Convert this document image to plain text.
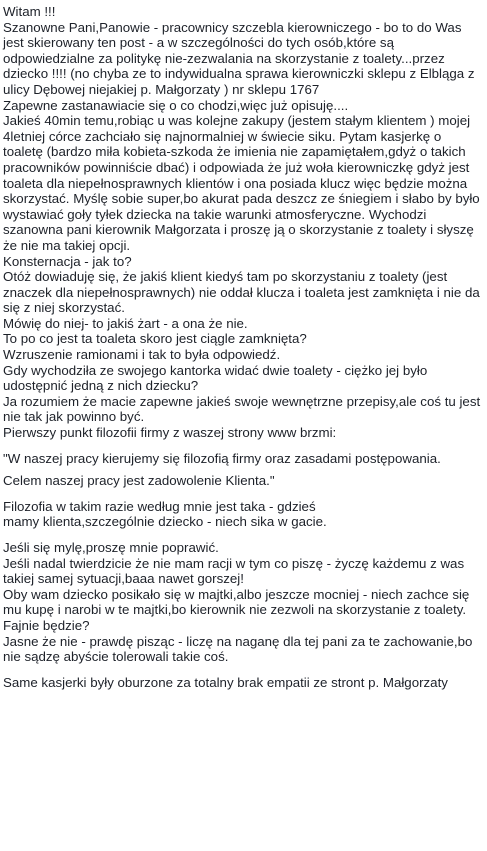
Witam !!!

Szanowne Pani,Panowie - pracownicy szczebla kierowniczego - bo to do Was jest skierowany ten post - a w szczególności do tych osób,które są odpowiedzialne za politykę nie-zezwalania na skorzystanie z toalety...przez dziecko !!!! (no chyba ze to indywidualna sprawa kierowniczki sklepu z Elbląga z ulicy Dębowej niejakiej p. Małgorzaty ) nr sklepu 1767

Zapewne zastanawiacie się o co chodzi,więc już opisuję....

Jakieś 40min temu,robiąc u was kolejne zakupy (jestem stałym klientem ) mojej 4letniej córce zachciało się najnormalniej w świecie siku. Pytam kasjerkę o toaletę (bardzo miła kobieta-szkoda że imienia nie zapamiętałem,gdyż o takich pracowników powinniście dbać) i odpowiada że już woła kierowniczkę gdyż jest toaleta dla niepełnosprawnych klientów i ona posiada klucz więc będzie można skorzystać. Myślę sobie super,bo akurat pada deszcz ze śniegiem i słabo by było wystawiać goły tyłek dziecka na takie warunki atmosferyczne. Wychodzi szanowna pani kierownik Małgorzata i proszę ją o skorzystanie z toalety i słyszę że nie ma takiej opcji.

Konsternacja - jak to?

Otóż dowiaduję się, że jakiś klient kiedyś tam po skorzystaniu z toalety (jest znaczek dla niepełnosprawnych) nie oddał klucza i toaleta jest zamknięta i nie da się z niej skorzystać.

Mówię do niej- to jakiś żart - a ona że nie.

To po co jest ta toaleta skoro jest ciągle zamknięta?

Wzruszenie ramionami i tak to była odpowiedź.

Gdy wychodziła ze swojego kantorka widać dwie toalety - ciężko jej było udostępnić jedną z nich dziecku?

Ja rozumiem że macie zapewne jakieś swoje wewnętrzne przepisy,ale coś tu jest nie tak jak powinno być.

Pierwszy punkt filozofii firmy z waszej strony www brzmi:

"W naszej pracy kierujemy się filozofią firmy oraz zasadami postępowania.

Celem naszej pracy jest zadowolenie Klienta."

Filozofia w takim razie według mnie jest taka - gdzieś

mamy klienta,szczególnie dziecko - niech sika w gacie.

Jeśli się mylę,proszę mnie poprawić.

Jeśli nadal twierdzicie że nie mam racji w tym co piszę - życzę każdemu z was takiej samej sytuacji,baaa nawet gorszej!

Oby wam dziecko posikało się w majtki,albo jeszcze mocniej - niech zachce się mu kupę i narobi w te majtki,bo kierownik nie zezwoli na skorzystanie z toalety.

Fajnie będzie?

Jasne że nie - prawdę pisząc - liczę na naganę dla tej pani za te zachowanie,bo nie sądzę abyście tolerowali takie coś.

Same kasjerki były oburzone za totalny brak empatii ze stront p. Małgorzaty
